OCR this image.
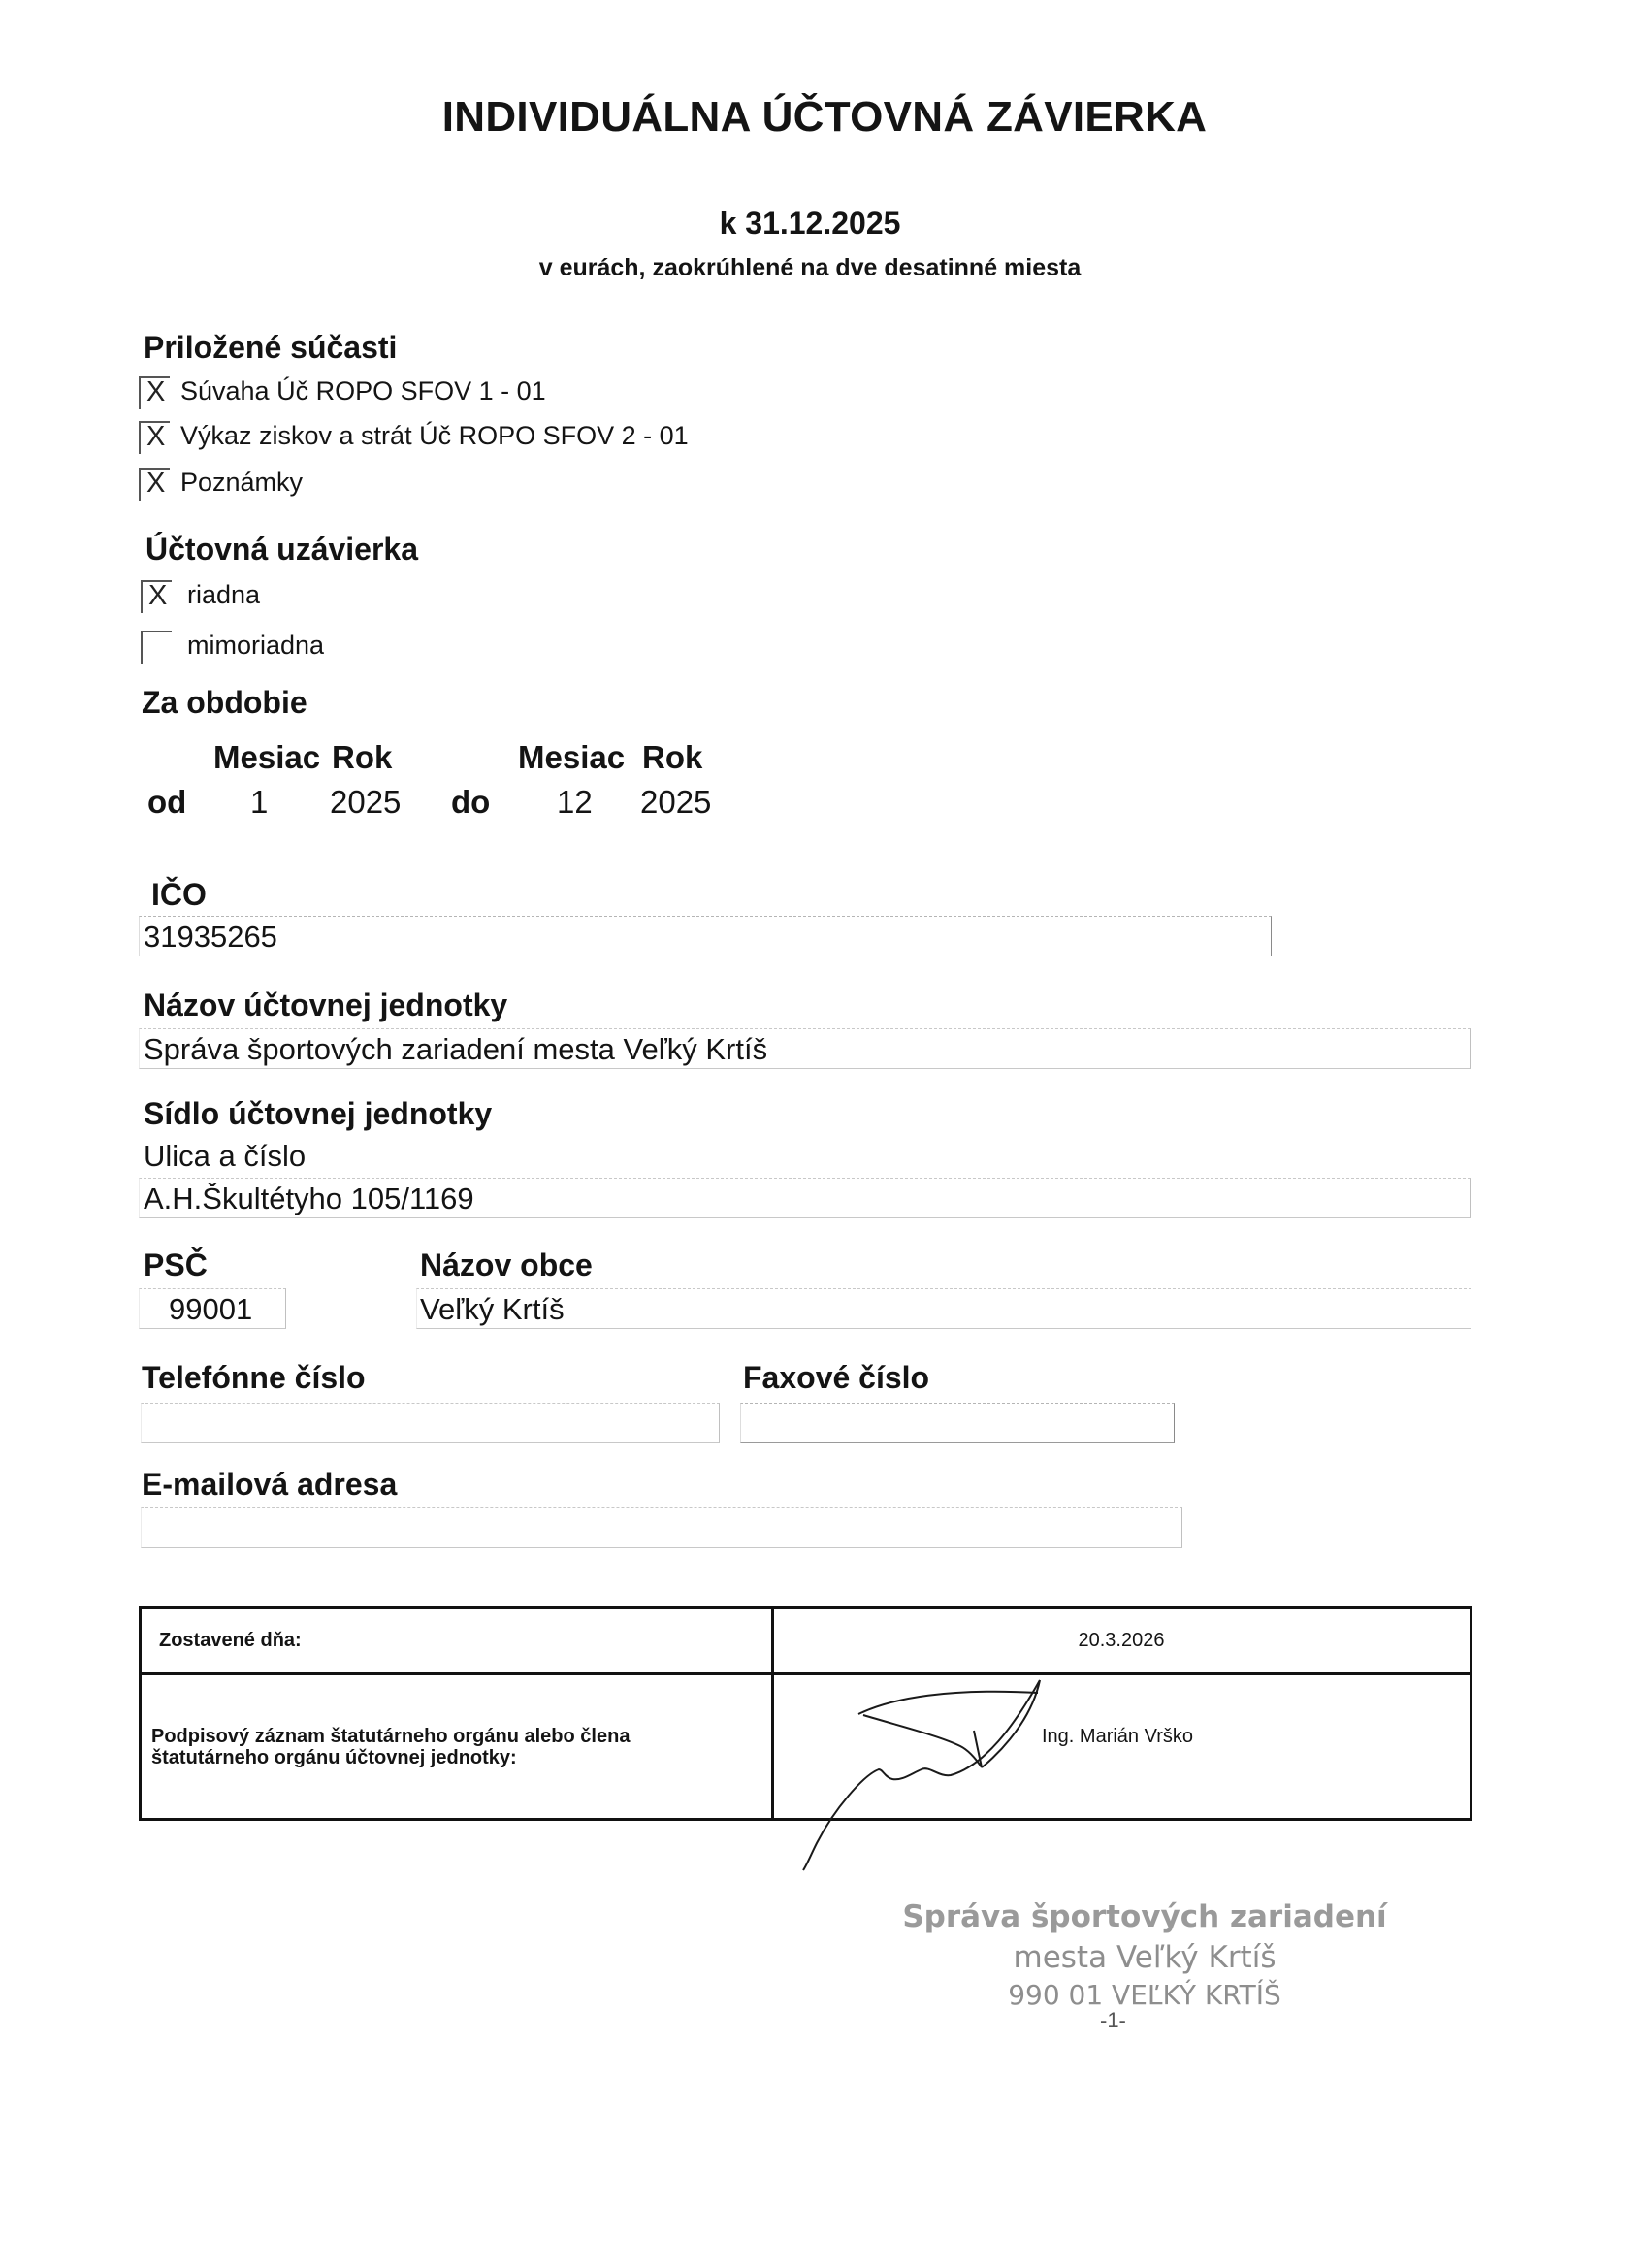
INDIVIDUÁLNA ÚČTOVNÁ ZÁVIERKA
k 31.12.2025
v eurách, zaokrúhlené na dve desatinné miesta
Priložené súčasti
X Súvaha Úč ROPO SFOV 1 - 01
X Výkaz ziskov a strát Úč ROPO SFOV 2 - 01
X Poznámky
Účtovná uzávierka
X riadna
mimoriadna
Za obdobie
Mesiac Rok	Mesiac Rok
od 1 2025 do 12 2025
IČO
31935265
Názov účtovnej jednotky
Správa športových zariadení mesta Veľký Krtíš
Sídlo účtovnej jednotky
Ulica a číslo
A.H.Škultétyho 105/1169
PSČ	Názov obce
99001	Veľký Krtíš
Telefónne číslo	Faxové číslo
E-mailová adresa
Zostavené dňa:	20.3.2026

Podpisový záznam štatutárneho orgánu alebo člena
štatutárneho orgánu účtovnej jednotky:	Ing. Marián Vrško
Správa športových zariadení
mesta Veľký Krtíš
990 01 VEĽKÝ KRTÍŠ
-1-
